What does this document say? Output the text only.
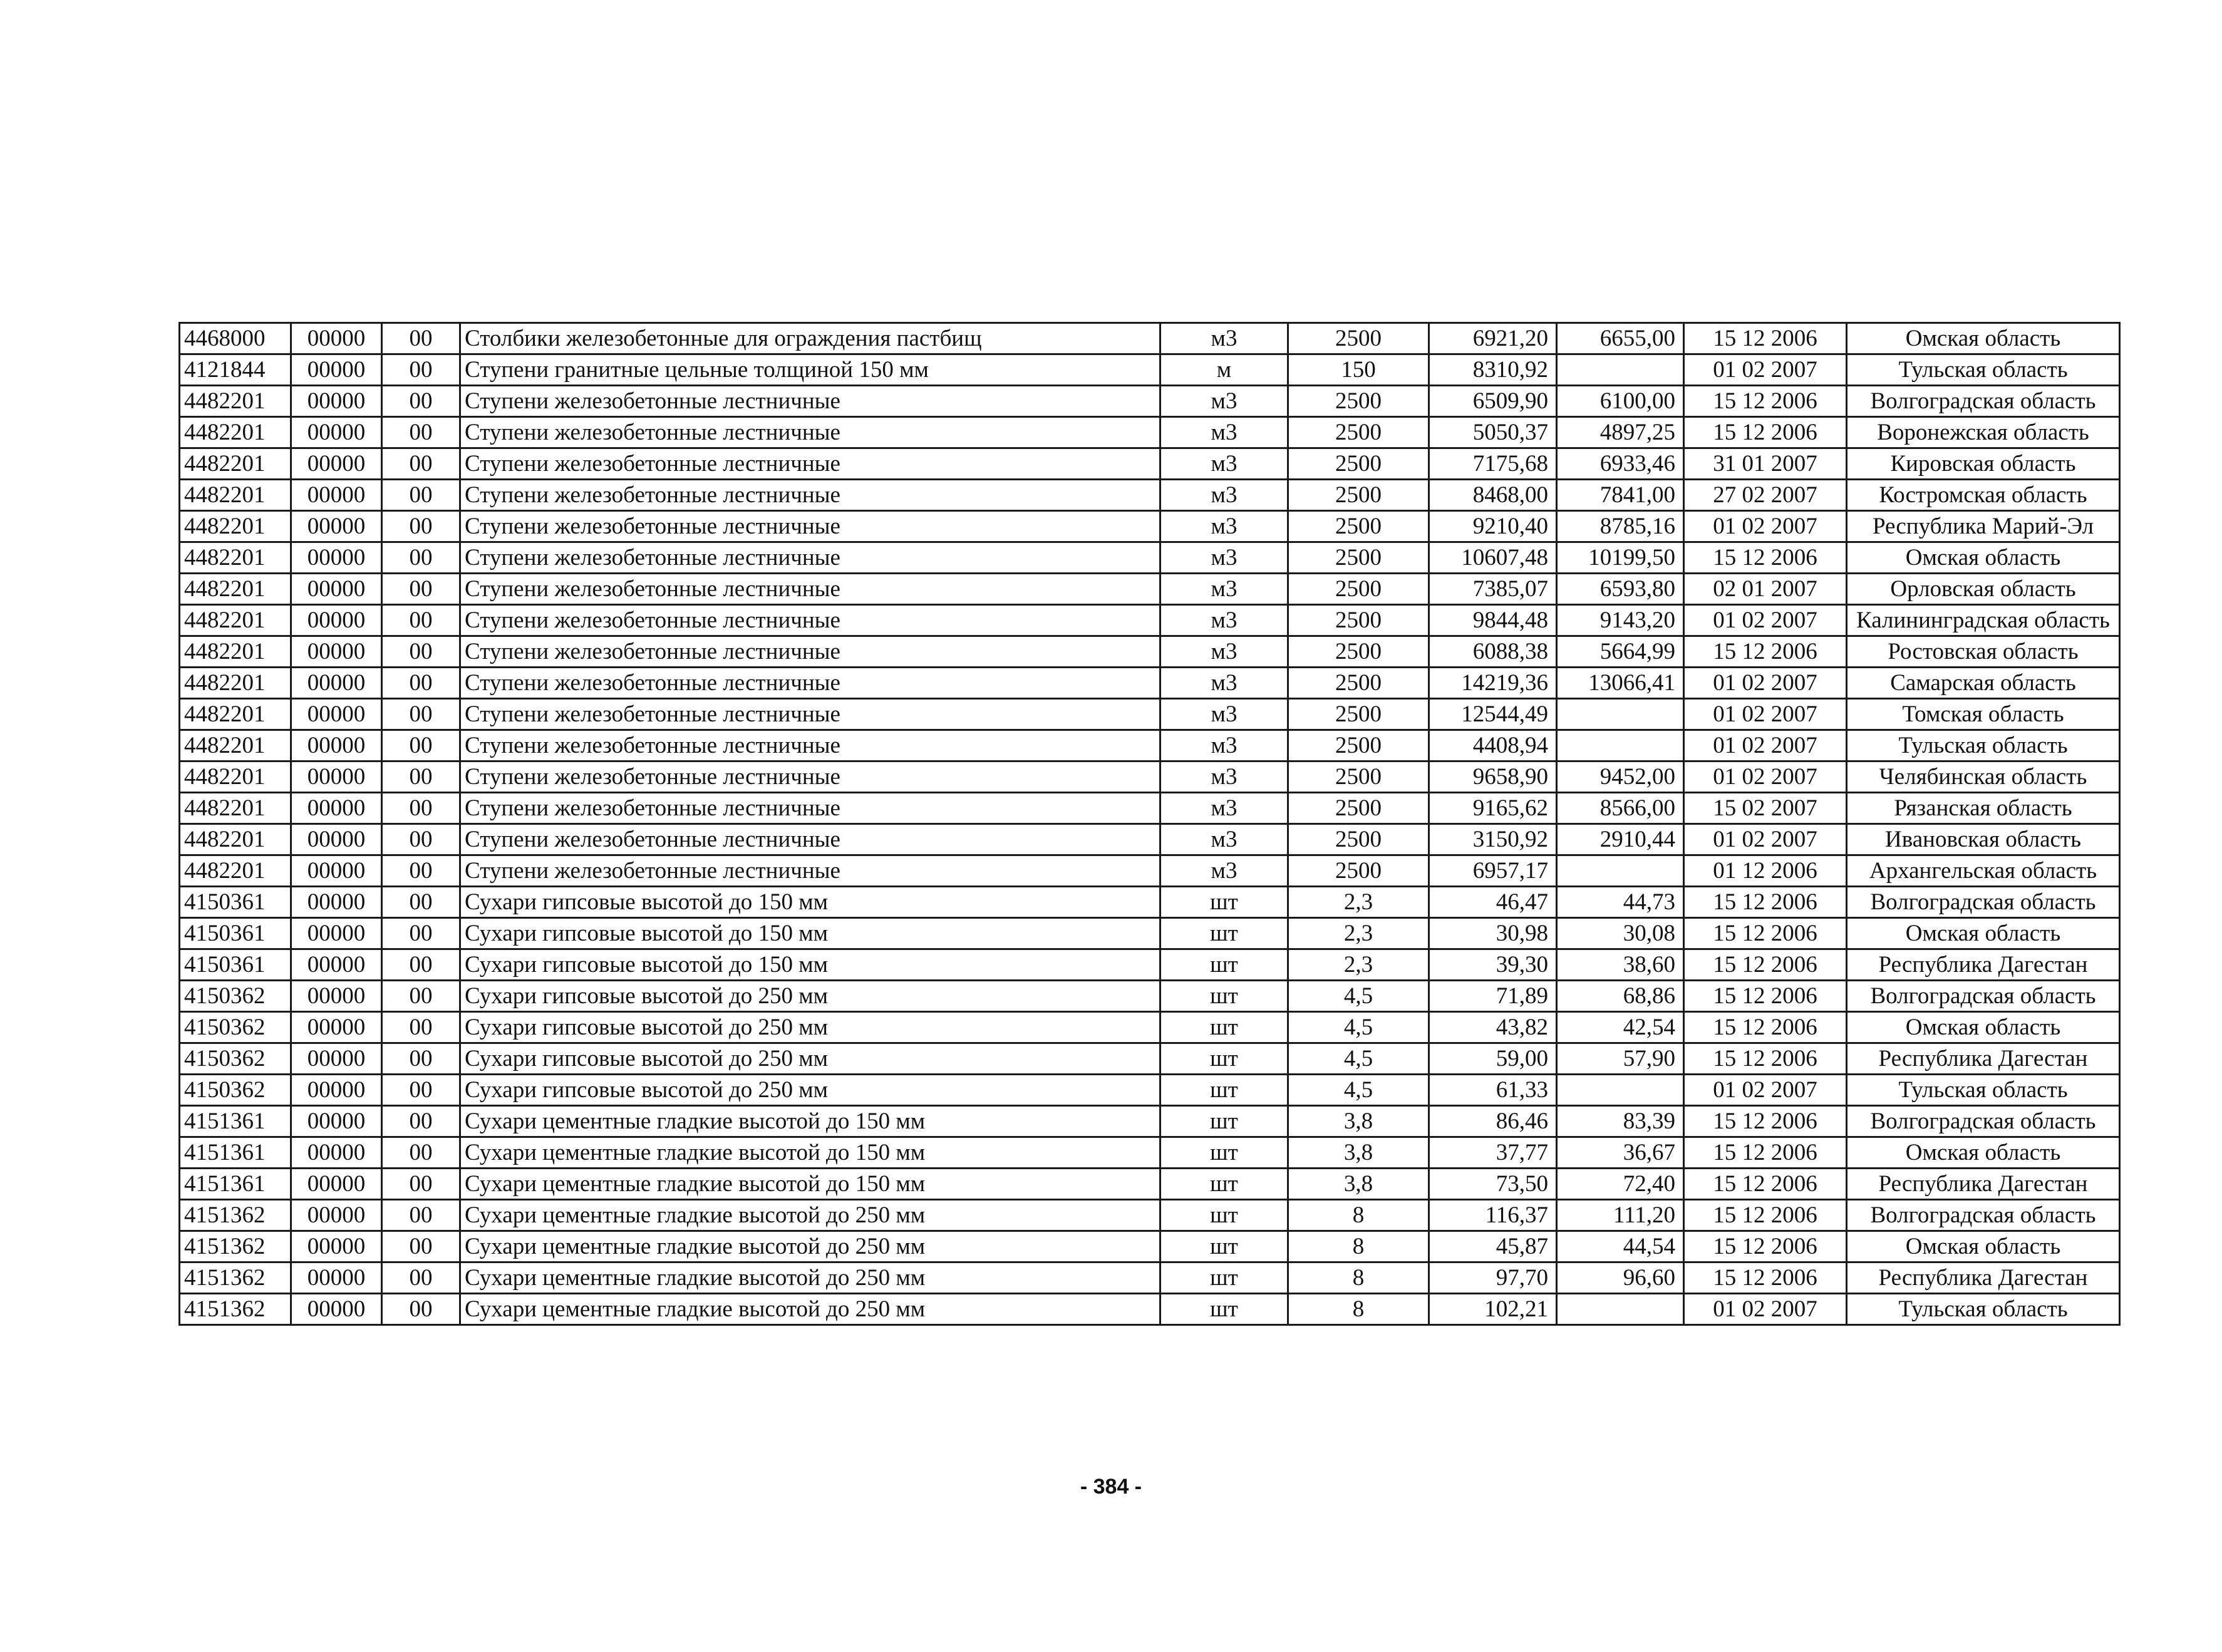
4468000	00000	00	Столбики железобетонные для ограждения пастбищ	м3	2500	6921,20	6655,00	15 12 2006	Омская область
4121844	00000	00	Ступени гранитные цельные толщиной 150 мм	м	150	8310,92		01 02 2007	Тульская область
4482201	00000	00	Ступени железобетонные лестничные	м3	2500	6509,90	6100,00	15 12 2006	Волгоградская область
4482201	00000	00	Ступени железобетонные лестничные	м3	2500	5050,37	4897,25	15 12 2006	Воронежская область
4482201	00000	00	Ступени железобетонные лестничные	м3	2500	7175,68	6933,46	31 01 2007	Кировская область
4482201	00000	00	Ступени железобетонные лестничные	м3	2500	8468,00	7841,00	27 02 2007	Костромская область
4482201	00000	00	Ступени железобетонные лестничные	м3	2500	9210,40	8785,16	01 02 2007	Республика Марий-Эл
4482201	00000	00	Ступени железобетонные лестничные	м3	2500	10607,48	10199,50	15 12 2006	Омская область
4482201	00000	00	Ступени железобетонные лестничные	м3	2500	7385,07	6593,80	02 01 2007	Орловская область
4482201	00000	00	Ступени железобетонные лестничные	м3	2500	9844,48	9143,20	01 02 2007	Калининградская область
4482201	00000	00	Ступени железобетонные лестничные	м3	2500	6088,38	5664,99	15 12 2006	Ростовская область
4482201	00000	00	Ступени железобетонные лестничные	м3	2500	14219,36	13066,41	01 02 2007	Самарская область
4482201	00000	00	Ступени железобетонные лестничные	м3	2500	12544,49		01 02 2007	Томская область
4482201	00000	00	Ступени железобетонные лестничные	м3	2500	4408,94		01 02 2007	Тульская область
4482201	00000	00	Ступени железобетонные лестничные	м3	2500	9658,90	9452,00	01 02 2007	Челябинская область
4482201	00000	00	Ступени железобетонные лестничные	м3	2500	9165,62	8566,00	15 02 2007	Рязанская область
4482201	00000	00	Ступени железобетонные лестничные	м3	2500	3150,92	2910,44	01 02 2007	Ивановская область
4482201	00000	00	Ступени железобетонные лестничные	м3	2500	6957,17		01 12 2006	Архангельская область
4150361	00000	00	Сухари гипсовые высотой до 150 мм	шт	2,3	46,47	44,73	15 12 2006	Волгоградская область
4150361	00000	00	Сухари гипсовые высотой до 150 мм	шт	2,3	30,98	30,08	15 12 2006	Омская область
4150361	00000	00	Сухари гипсовые высотой до 150 мм	шт	2,3	39,30	38,60	15 12 2006	Республика Дагестан
4150362	00000	00	Сухари гипсовые высотой до 250 мм	шт	4,5	71,89	68,86	15 12 2006	Волгоградская область
4150362	00000	00	Сухари гипсовые высотой до 250 мм	шт	4,5	43,82	42,54	15 12 2006	Омская область
4150362	00000	00	Сухари гипсовые высотой до 250 мм	шт	4,5	59,00	57,90	15 12 2006	Республика Дагестан
4150362	00000	00	Сухари гипсовые высотой до 250 мм	шт	4,5	61,33		01 02 2007	Тульская область
4151361	00000	00	Сухари цементные гладкие высотой до 150 мм	шт	3,8	86,46	83,39	15 12 2006	Волгоградская область
4151361	00000	00	Сухари цементные гладкие высотой до 150 мм	шт	3,8	37,77	36,67	15 12 2006	Омская область
4151361	00000	00	Сухари цементные гладкие высотой до 150 мм	шт	3,8	73,50	72,40	15 12 2006	Республика Дагестан
4151362	00000	00	Сухари цементные гладкие высотой до 250 мм	шт	8	116,37	111,20	15 12 2006	Волгоградская область
4151362	00000	00	Сухари цементные гладкие высотой до 250 мм	шт	8	45,87	44,54	15 12 2006	Омская область
4151362	00000	00	Сухари цементные гладкие высотой до 250 мм	шт	8	97,70	96,60	15 12 2006	Республика Дагестан
4151362	00000	00	Сухари цементные гладкие высотой до 250 мм	шт	8	102,21		01 02 2007	Тульская область
- 384 -
